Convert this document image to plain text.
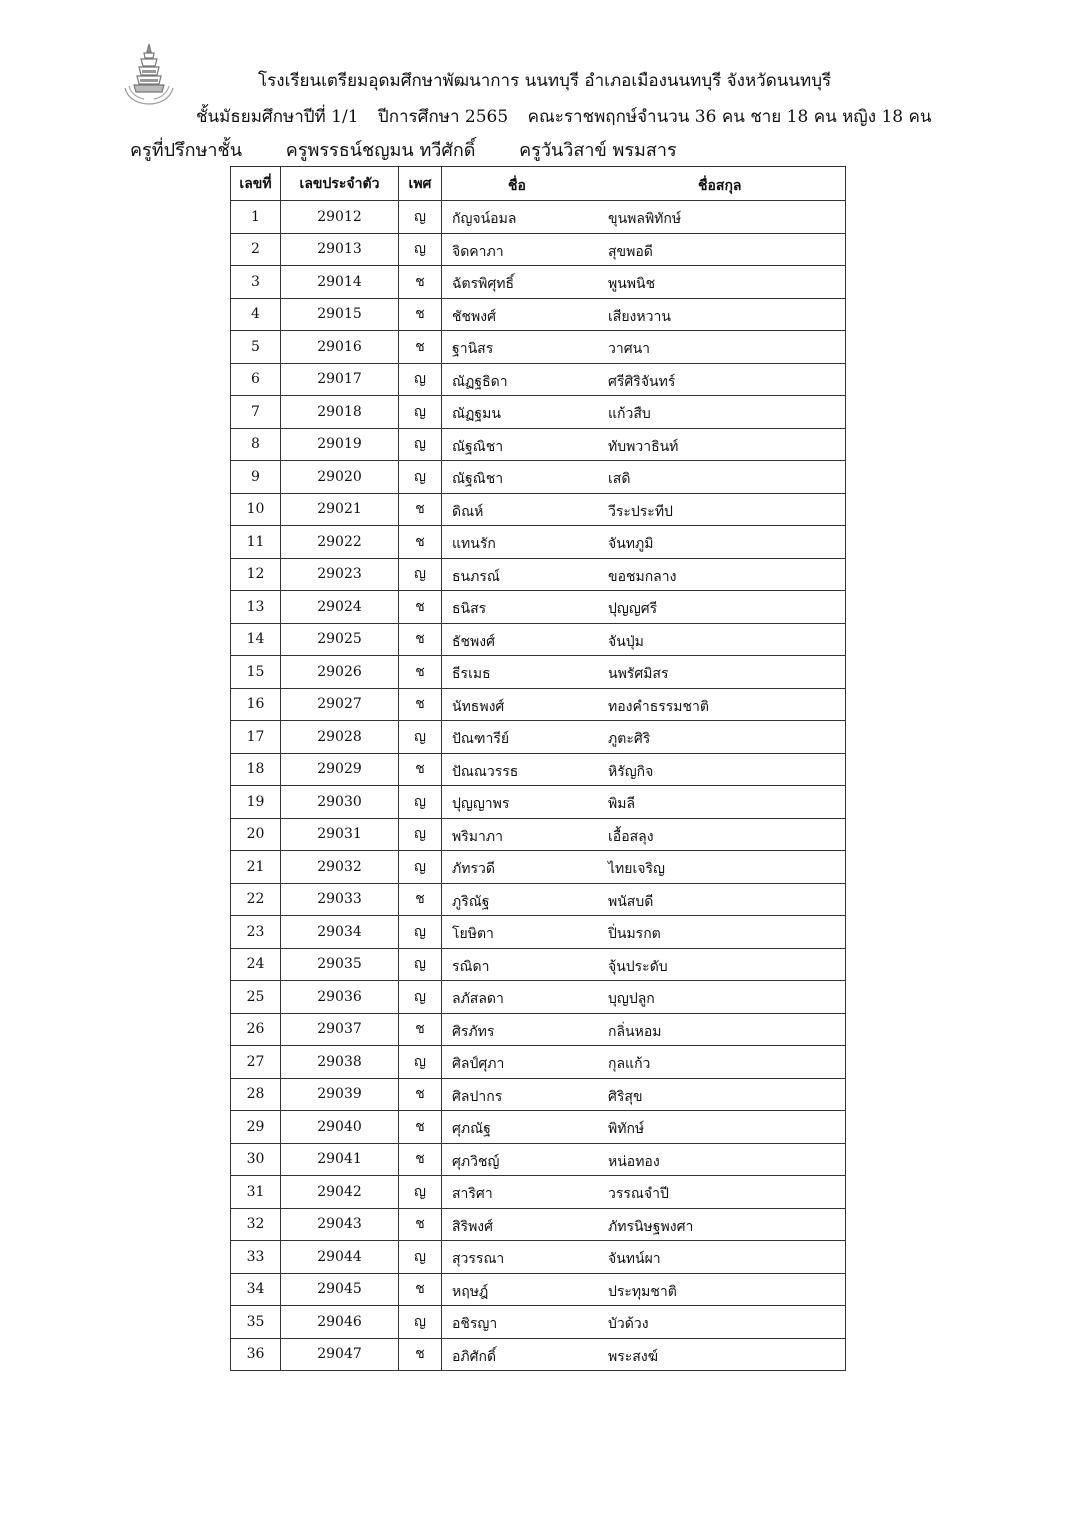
โรงเรียนเตรียมอุดมศึกษาพัฒนาการ นนทบุรี อำเภอเมืองนนทบุรี จังหวัดนนทบุรี
ชั้นมัธยมศึกษาปีที่ 1/1 ปีการศึกษา 2565 คณะราชพฤกษ์จำนวน 36 คน ชาย 18 คน หญิง 18 คน
ครูที่ปรึกษาชั้น ครูพรรธน์ชญมน ทวีศักดิ์ ครูวันวิสาข์ พรมสาร
เลขที่	เลขประจำตัว	เพศ	ชื่อ ชื่อสกุล

1	29012	ญ	กัญจน์อมล ขุนพลพิทักษ์

2	29013	ญ	จิดคาภา สุขพอดี

3	29014	ช	ฉัตรพิศุทธิ์ พูนพนิช

4	29015	ช	ชัชพงศ์ เสียงหวาน

5	29016	ช	ฐานิสร วาศนา

6	29017	ญ	ณัฏฐธิดา ศรีศิริจันทร์

7	29018	ญ	ณัฏฐมน แก้วสืบ

8	29019	ญ	ณัฐณิชา ทับพวาธินท์

9	29020	ญ	ณัฐณิชา เสดิ

10	29021	ช	ดิณห์ วีระประทีป

11	29022	ช	แทนรัก จันทภูมิ

12	29023	ญ	ธนภรณ์ ขอชมกลาง

13	29024	ช	ธนิสร ปุญญศรี

14	29025	ช	ธัชพงศ์ จันปุ่ม

15	29026	ช	ธีรเมธ นพรัศมิสร

16	29027	ช	นัทธพงศ์ ทองคำธรรมชาติ

17	29028	ญ	ปัณฑารีย์ ภูตะศิริ

18	29029	ช	ปัณณวรรธ หิรัญกิจ

19	29030	ญ	ปุญญาพร พิมลี

20	29031	ญ	พริมาภา เอื้อสลุง

21	29032	ญ	ภัทรวดี ไทยเจริญ

22	29033	ช	ภูริณัฐ พนัสบดี

23	29034	ญ	โยษิตา ปิ่นมรกต

24	29035	ญ	รณิดา จุ้นประดับ

25	29036	ญ	ลภัสลดา บุญปลูก

26	29037	ช	ศิรภัทร กลิ่นหอม

27	29038	ญ	ศิลป์ศุภา กุลแก้ว

28	29039	ช	ศิลปากร ศิริสุข

29	29040	ช	ศุภณัฐ พิทักษ์

30	29041	ช	ศุภวิชญ์ หน่อทอง

31	29042	ญ	สาริศา วรรณจำปี

32	29043	ช	สิริพงศ์ ภัทรนิษฐพงศา

33	29044	ญ	สุวรรณา จันทน์ผา

34	29045	ช	หฤษฎ์ ประทุมชาติ

35	29046	ญ	อชิรญา บัวด้วง

36	29047	ช	อภิศักดิ์ พระสงฆ์
